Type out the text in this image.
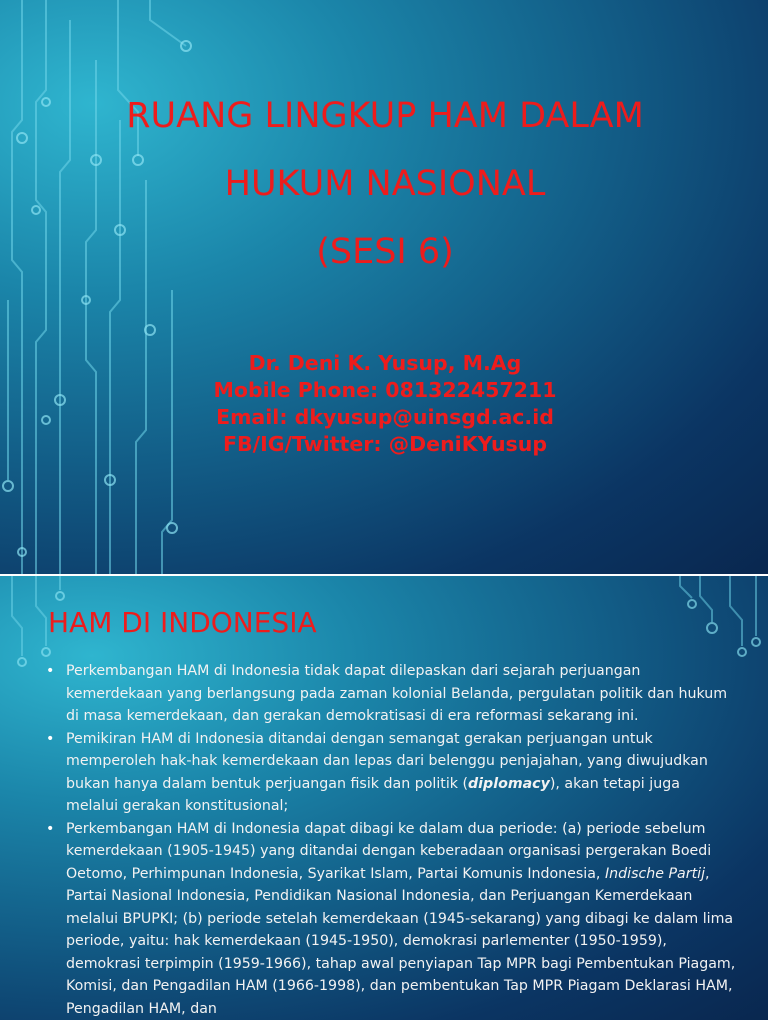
RUANG LINGKUP HAM DALAM
HUKUM NASIONAL
(SESI 6)
Dr. Deni K. Yusup, M.Ag
Mobile Phone: 081322457211
Email: dkyusup@uinsgd.ac.id
FB/IG/Twitter: @DeniKYusup
HAM DI INDONESIA
• Perkembangan HAM di Indonesia tidak dapat dilepaskan dari sejarah perjuangan kemerdekaan yang berlangsung pada zaman kolonial Belanda, pergulatan politik dan hukum di masa kemerdekaan, dan gerakan demokratisasi di era reformasi sekarang ini.
• Pemikiran HAM di Indonesia ditandai dengan semangat gerakan perjuangan untuk memperoleh hak-hak kemerdekaan dan lepas dari belenggu penjajahan, yang diwujudkan bukan hanya dalam bentuk perjuangan fisik dan politik (diplomacy), akan tetapi juga melalui gerakan konstitusional;
• Perkembangan HAM di Indonesia dapat dibagi ke dalam dua periode: (a) periode sebelum kemerdekaan (1905-1945) yang ditandai dengan keberadaan organisasi pergerakan Boedi Oetomo, Perhimpunan Indonesia, Syarikat Islam, Partai Komunis Indonesia, Indische Partij, Partai Nasional Indonesia, Pendidikan Nasional Indonesia, dan Perjuangan Kemerdekaan melalui BPUPKI; (b) periode setelah kemerdekaan (1945-sekarang) yang dibagi ke dalam lima periode, yaitu: hak kemerdekaan (1945-1950), demokrasi parlementer (1950-1959), demokrasi terpimpin (1959-1966), tahap awal penyiapan Tap MPR bagi Pembentukan Piagam, Komisi, dan Pengadilan HAM (1966-1998), dan pembentukan Tap MPR Piagam Deklarasi HAM, Pengadilan HAM, dan
